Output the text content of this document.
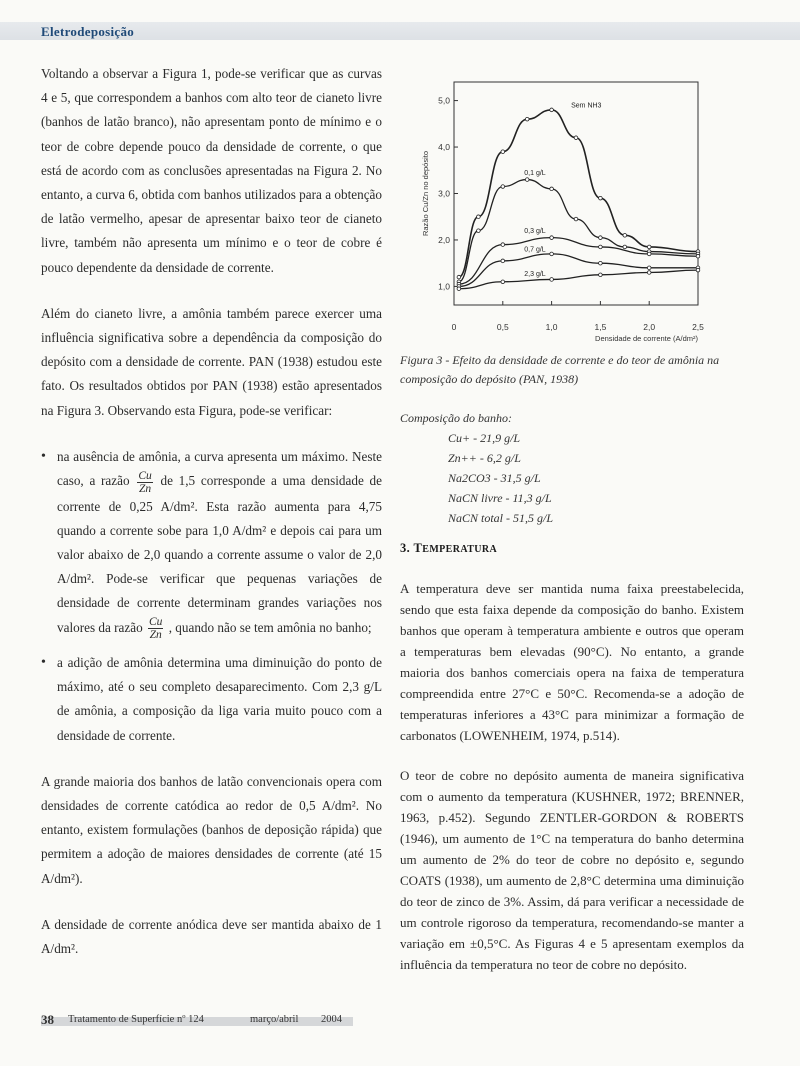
Eletrodeposição

Voltando a observar a Figura 1, pode-se verificar que as curvas 4 e 5, que correspondem a banhos com alto teor de cianeto livre (banhos de latão branco), não apresentam ponto de mínimo e o teor de cobre depende pouco da densidade de corrente, o que está de acordo com as conclusões apresentadas na Figura 2. No entanto, a curva 6, obtida com banhos utilizados para a obtenção de latão vermelho, apesar de apresentar baixo teor de cianeto livre, também não apresenta um mínimo e o teor de cobre é pouco dependente da densidade de corrente.

Além do cianeto livre, a amônia também parece exercer uma influência significativa sobre a dependência da composição do depósito com a densidade de corrente. PAN (1938) estudou este fato. Os resultados obtidos por PAN (1938) estão apresentados na Figura 3. Observando esta Figura, pode-se verificar:

• na ausência de amônia, a curva apresenta um máximo. Neste caso, a razão $\frac{Cu}{Zn}$ de 1,5 corresponde a uma densidade de corrente de 0,25 A/dm². Esta razão aumenta para 4,75 quando a corrente sobe para 1,0 A/dm² e depois cai para um valor abaixo de 2,0 quando a corrente assume o valor de 2,0 A/dm². Pode-se verificar que pequenas variações de densidade de corrente determinam grandes variações nos valores da razão $\frac{Cu}{Zn}$ , quando não se tem amônia no banho;
• a adição de amônia determina uma diminuição do ponto de máximo, até o seu completo desaparecimento. Com 2,3 g/L de amônia, a composição da liga varia muito pouco com a densidade de corrente.

A grande maioria dos banhos de latão convencionais opera com densidades de corrente catódica ao redor de 0,5 A/dm². No entanto, existem formulações (banhos de deposição rápida) que permitem a adoção de maiores densidades de corrente (até 15 A/dm²).

A densidade de corrente anódica deve ser mantida abaixo de 1 A/dm².

0	0,5	1,0	1,5	2,0	2,5
1,0
2,0
3,0
4,0
5,0
Densidade de corrente (A/dm²)
Razão Cu/Zn no depósito
Sem NH3
0,1 g/L
0,3 g/L
0,7 g/L
2,3 g/L
Figura 3 - Efeito da densidade de corrente e do teor de amônia na composição do depósito (PAN, 1938)
Composição do banho:
Cu+ - 21,9 g/L
Zn++ - 6,2 g/L
Na2CO3 - 31,5 g/L
NaCN livre - 11,3 g/L
NaCN total - 51,5 g/L
3. TEMPERATURA

A temperatura deve ser mantida numa faixa preestabelecida, sendo que esta faixa depende da composição do banho. Existem banhos que operam à temperatura ambiente e outros que operam a temperaturas bem elevadas (90°C). No entanto, a grande maioria dos banhos comerciais opera na faixa de temperatura compreendida entre 27°C e 50°C. Recomenda-se a adoção de temperaturas inferiores a 43°C para minimizar a formação de carbonatos (LOWENHEIM, 1974, p.514).

O teor de cobre no depósito aumenta de maneira significativa com o aumento da temperatura (KUSHNER, 1972; BRENNER, 1963, p.452). Segundo ZENTLER-GORDON & ROBERTS (1946), um aumento de 1°C na temperatura do banho determina um aumento de 2% do teor de cobre no depósito e, segundo COATS (1938), um aumento de 2,8°C determina uma diminuição do teor de zinco de 3%. Assim, dá para verificar a necessidade de um controle rigoroso da temperatura, recomendando-se manter a variação em ±0,5°C. As Figuras 4 e 5 apresentam exemplos da influência da temperatura no teor de cobre no depósito.

38 Tratamento de Superfície nº 124	março/abril 2004
